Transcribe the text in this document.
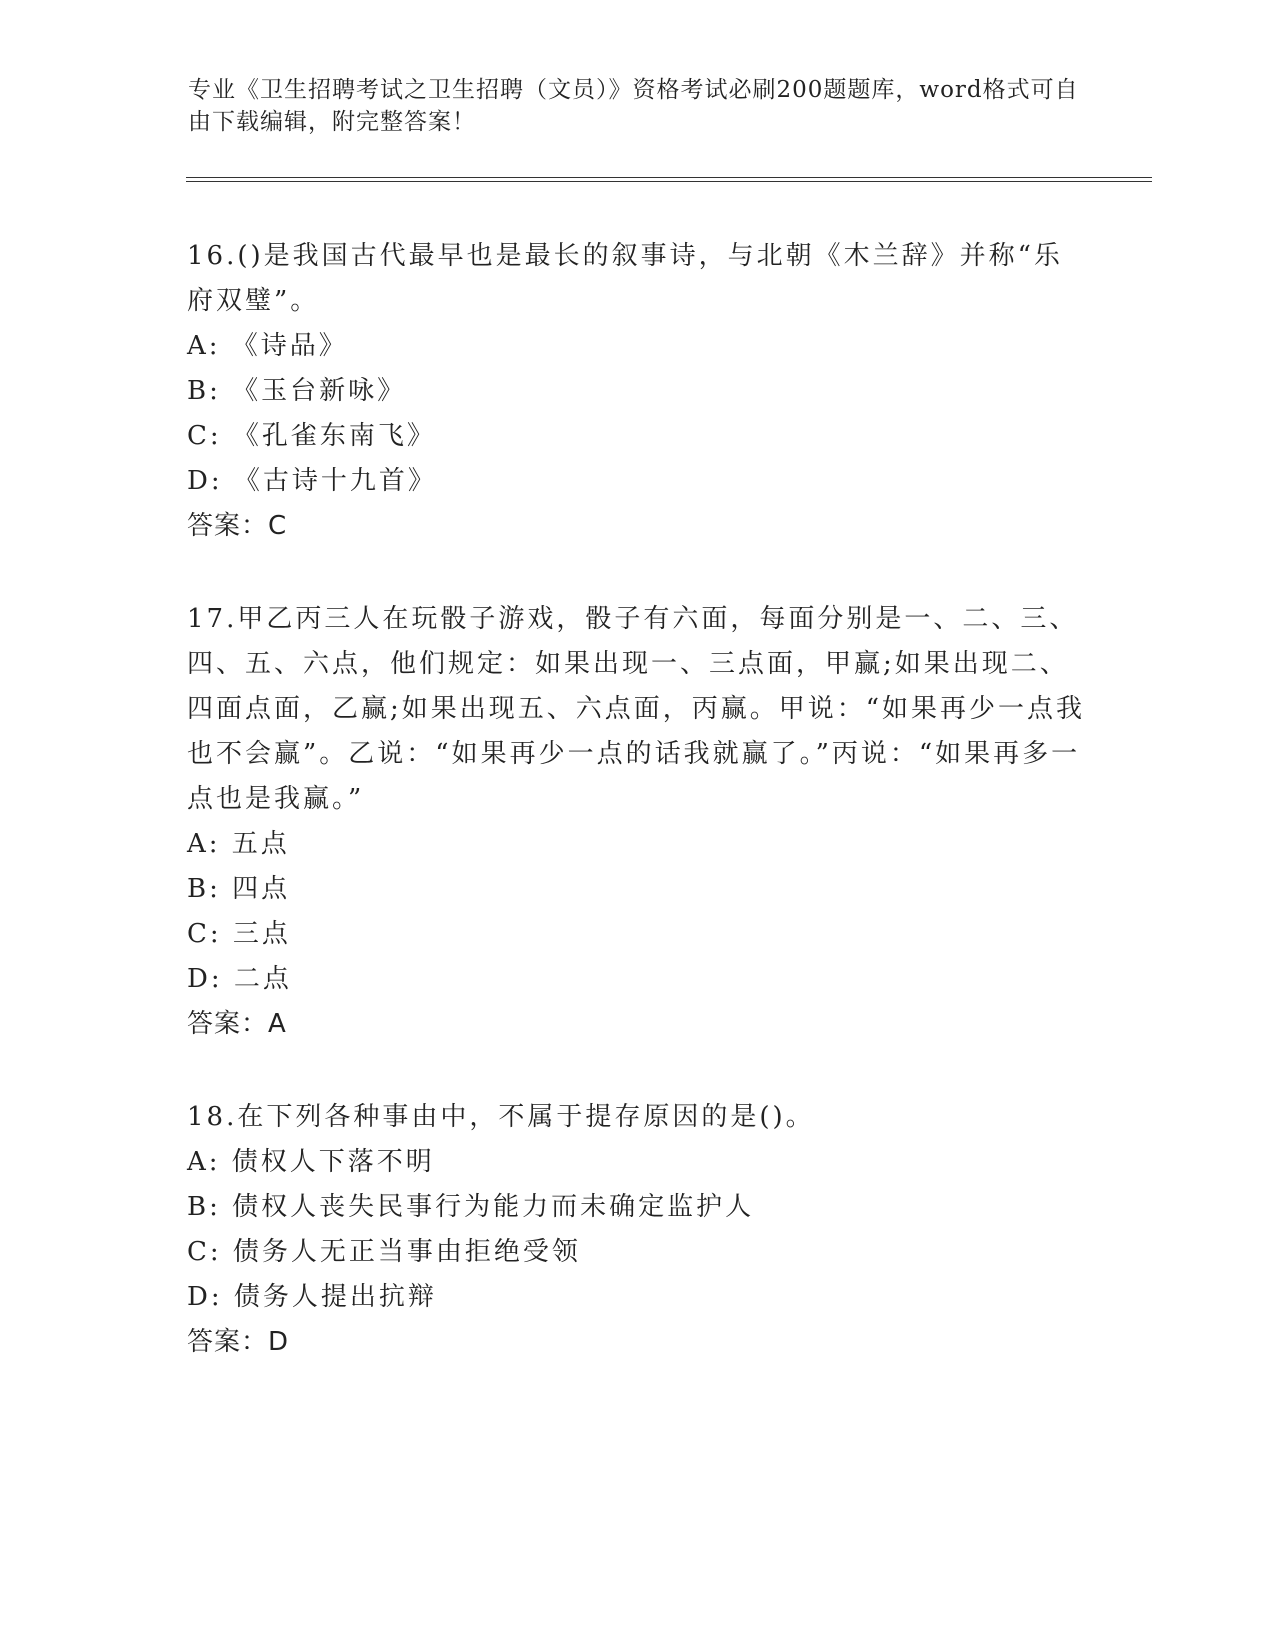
专业《卫生招聘考试之卫生招聘（文员）》资格考试必刷200题题库，word格式可自由下载编辑，附完整答案！

16.()是我国古代最早也是最长的叙事诗，与北朝《木兰辞》并称“乐府双璧”。

A: 《诗品》

B: 《玉台新咏》

C: 《孔雀东南飞》

D: 《古诗十九首》

答案：C

17.甲乙丙三人在玩骰子游戏，骰子有六面，每面分别是一、二、三、四、五、六点，他们规定：如果出现一、三点面，甲赢;如果出现二、四面点面，乙赢;如果出现五、六点面，丙赢。甲说：“如果再少一点我也不会赢”。乙说：“如果再少一点的话我就赢了。”丙说：“如果再多一点也是我赢。”

A: 五点

B: 四点

C: 三点

D: 二点

答案：A

18.在下列各种事由中，不属于提存原因的是()。

A: 债权人下落不明

B: 债权人丧失民事行为能力而未确定监护人

C: 债务人无正当事由拒绝受领

D: 债务人提出抗辩

答案：D
